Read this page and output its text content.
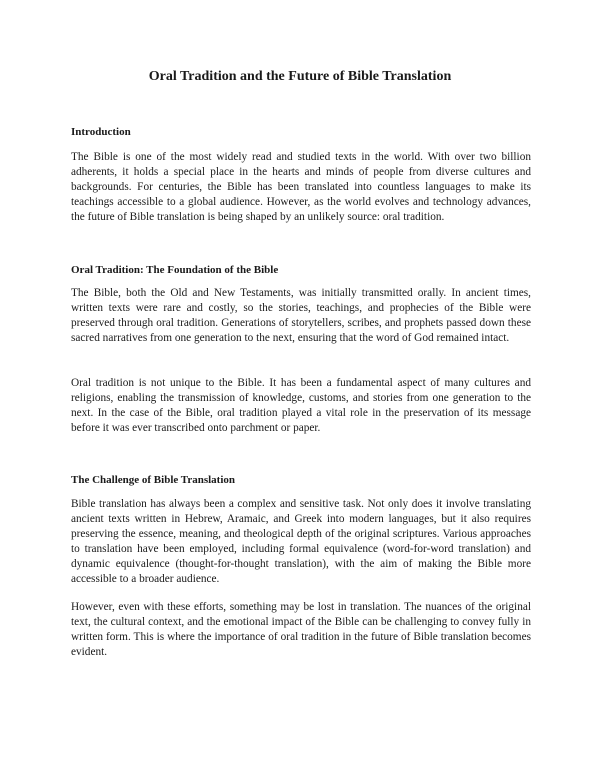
Oral Tradition and the Future of Bible Translation
Introduction

The Bible is one of the most widely read and studied texts in the world. With over two billion adherents, it holds a special place in the hearts and minds of people from diverse cultures and backgrounds. For centuries, the Bible has been translated into countless languages to make its teachings accessible to a global audience. However, as the world evolves and technology advances, the future of Bible translation is being shaped by an unlikely source: oral tradition.

Oral Tradition: The Foundation of the Bible

The Bible, both the Old and New Testaments, was initially transmitted orally. In ancient times, written texts were rare and costly, so the stories, teachings, and prophecies of the Bible were preserved through oral tradition. Generations of storytellers, scribes, and prophets passed down these sacred narratives from one generation to the next, ensuring that the word of God remained intact.

Oral tradition is not unique to the Bible. It has been a fundamental aspect of many cultures and religions, enabling the transmission of knowledge, customs, and stories from one generation to the next. In the case of the Bible, oral tradition played a vital role in the preservation of its message before it was ever transcribed onto parchment or paper.

The Challenge of Bible Translation

Bible translation has always been a complex and sensitive task. Not only does it involve translating ancient texts written in Hebrew, Aramaic, and Greek into modern languages, but it also requires preserving the essence, meaning, and theological depth of the original scriptures. Various approaches to translation have been employed, including formal equivalence (word-for-word translation) and dynamic equivalence (thought-for-thought translation), with the aim of making the Bible more accessible to a broader audience.

However, even with these efforts, something may be lost in translation. The nuances of the original text, the cultural context, and the emotional impact of the Bible can be challenging to convey fully in written form. This is where the importance of oral tradition in the future of Bible translation becomes evident.
